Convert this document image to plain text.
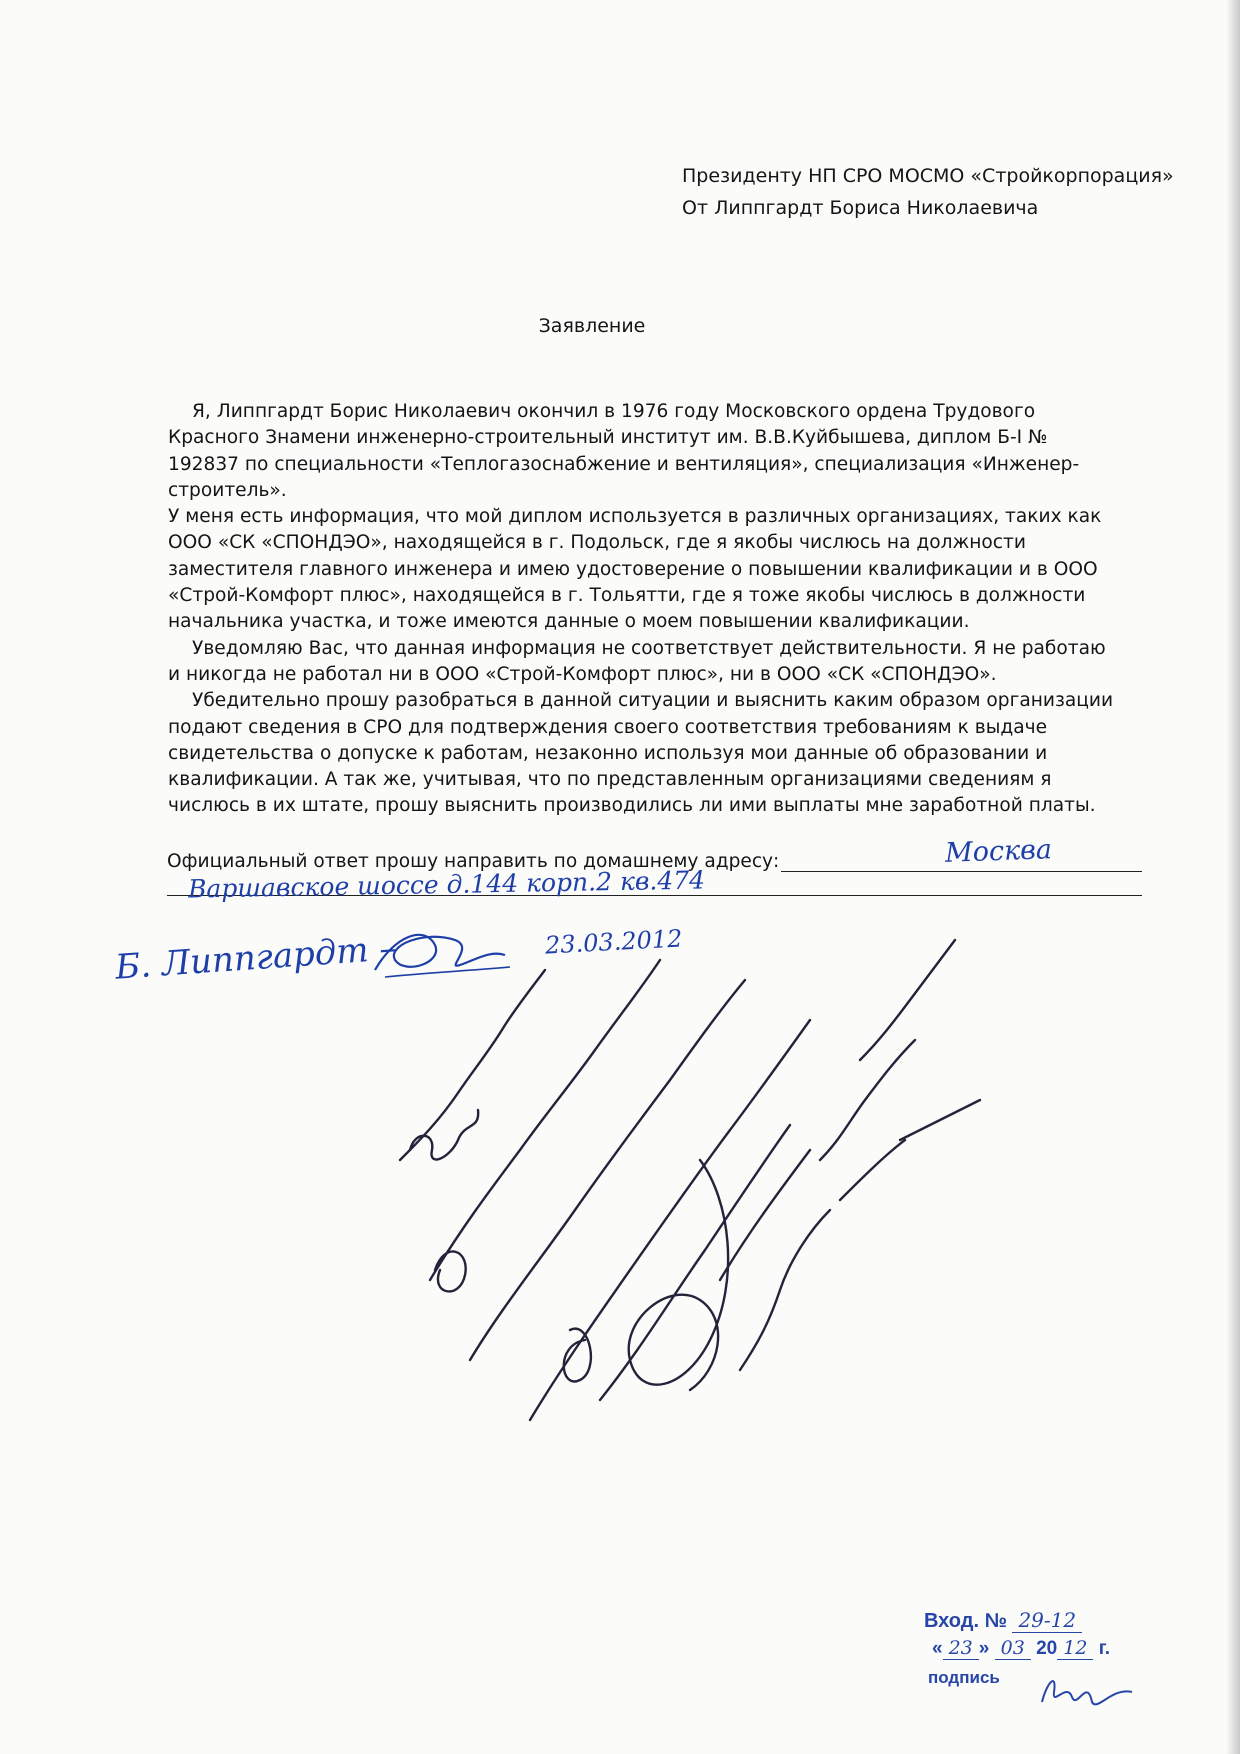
Президенту НП СРО МОСМО «Стройкорпорация»
От Липпгардт Бориса Николаевича
Заявление

Я, Липпгардт Борис Николаевич окончил в 1976 году Московского ордена Трудового Красного Знамени инженерно-строительный институт им. В.В.Куйбышева, диплом Б-I № 192837 по специальности «Теплогазоснабжение и вентиляция», специализация «Инженер-строитель».

У меня есть информация, что мой диплом используется в различных организациях, таких как ООО «СК «СПОНДЭО», находящейся в г. Подольск, где я якобы числюсь на должности заместителя главного инженера и имею удостоверение о повышении квалификации и в ООО «Строй-Комфорт плюс», находящейся в г. Тольятти, где я тоже якобы числюсь в должности начальника участка, и тоже имеются данные о моем повышении квалификации.

Уведомляю Вас, что данная информация не соответствует действительности. Я не работаю и никогда не работал ни в ООО «Строй-Комфорт плюс», ни в ООО «СК «СПОНДЭО».

Убедительно прошу разобраться в данной ситуации и выяснить каким образом организации подают сведения в СРО для подтверждения своего соответствия требованиям к выдаче свидетельства о допуске к работам, незаконно используя мои данные об образовании и квалификации. А так же, учитывая, что по представленным организациями сведениям я числюсь в их штате, прошу выяснить производились ли ими выплаты мне заработной платы.

Официальный ответ прошу направить по домашнему адресу:	Москва
Варшавское шоссе д.144 корп.2 кв.474
Б. Липпгардт –	23.03.2012
Вход. № 29-12
« 23 » 03 20 12 г.
подпись
